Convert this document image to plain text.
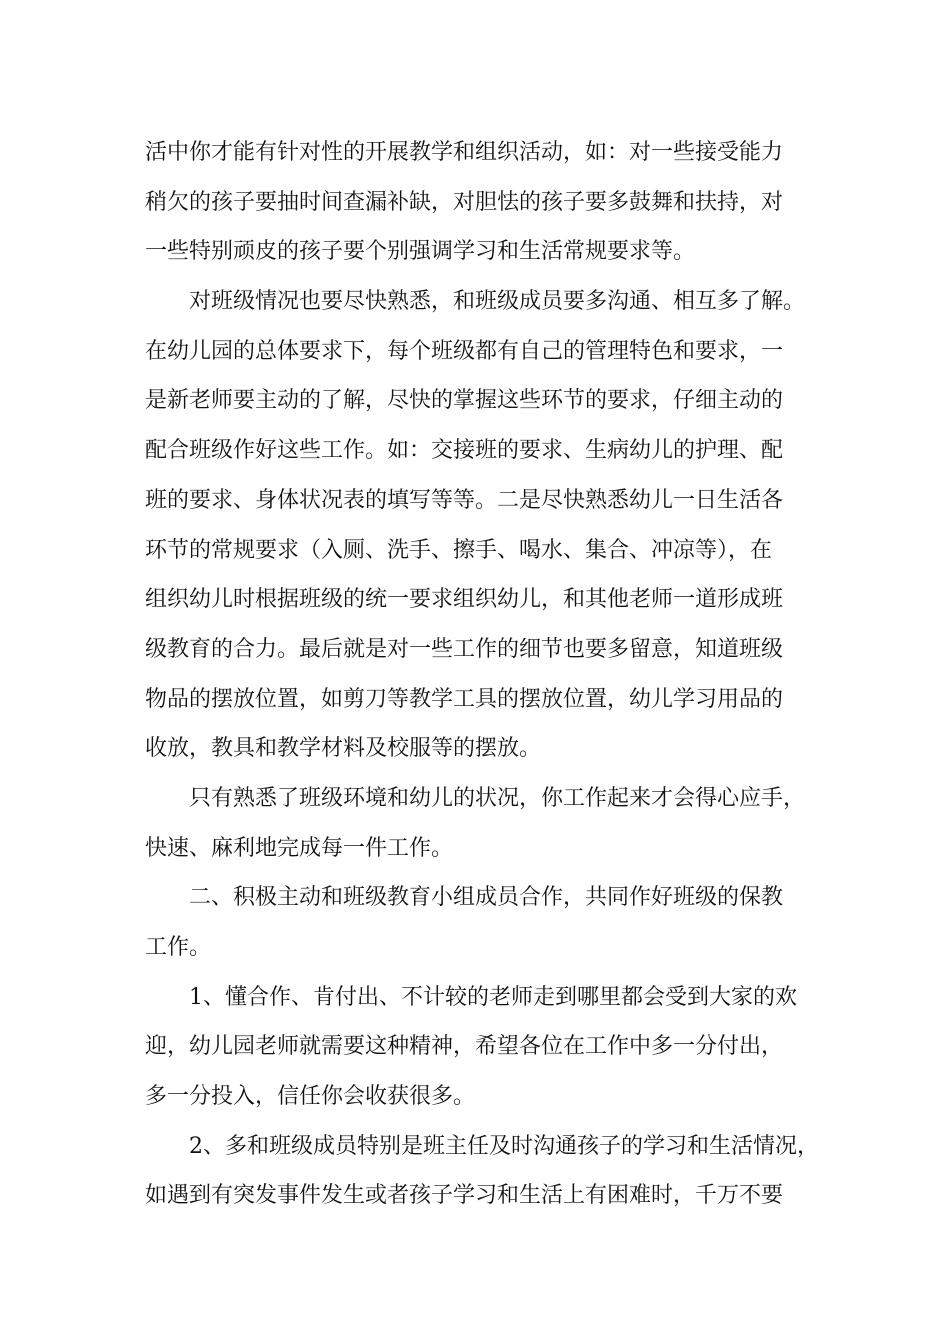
活中你才能有针对性的开展教学和组织活动，如：对一些接受能力
稍欠的孩子要抽时间查漏补缺，对胆怯的孩子要多鼓舞和扶持，对
一些特别顽皮的孩子要个别强调学习和生活常规要求等。
对班级情况也要尽快熟悉，和班级成员要多沟通、相互多了解。
在幼儿园的总体要求下，每个班级都有自己的管理特色和要求，一
是新老师要主动的了解，尽快的掌握这些环节的要求，仔细主动的
配合班级作好这些工作。如：交接班的要求、生病幼儿的护理、配
班的要求、身体状况表的填写等等。二是尽快熟悉幼儿一日生活各
环节的常规要求（入厕、洗手、擦手、喝水、集合、冲凉等），在
组织幼儿时根据班级的统一要求组织幼儿，和其他老师一道形成班
级教育的合力。最后就是对一些工作的细节也要多留意，知道班级
物品的摆放位置，如剪刀等教学工具的摆放位置，幼儿学习用品的
收放，教具和教学材料及校服等的摆放。
只有熟悉了班级环境和幼儿的状况，你工作起来才会得心应手，
快速、麻利地完成每一件工作。
二、积极主动和班级教育小组成员合作，共同作好班级的保教
工作。
1、懂合作、肯付出、不计较的老师走到哪里都会受到大家的欢
迎，幼儿园老师就需要这种精神，希望各位在工作中多一分付出，
多一分投入，信任你会收获很多。
2、多和班级成员特别是班主任及时沟通孩子的学习和生活情况，
如遇到有突发事件发生或者孩子学习和生活上有困难时，千万不要
